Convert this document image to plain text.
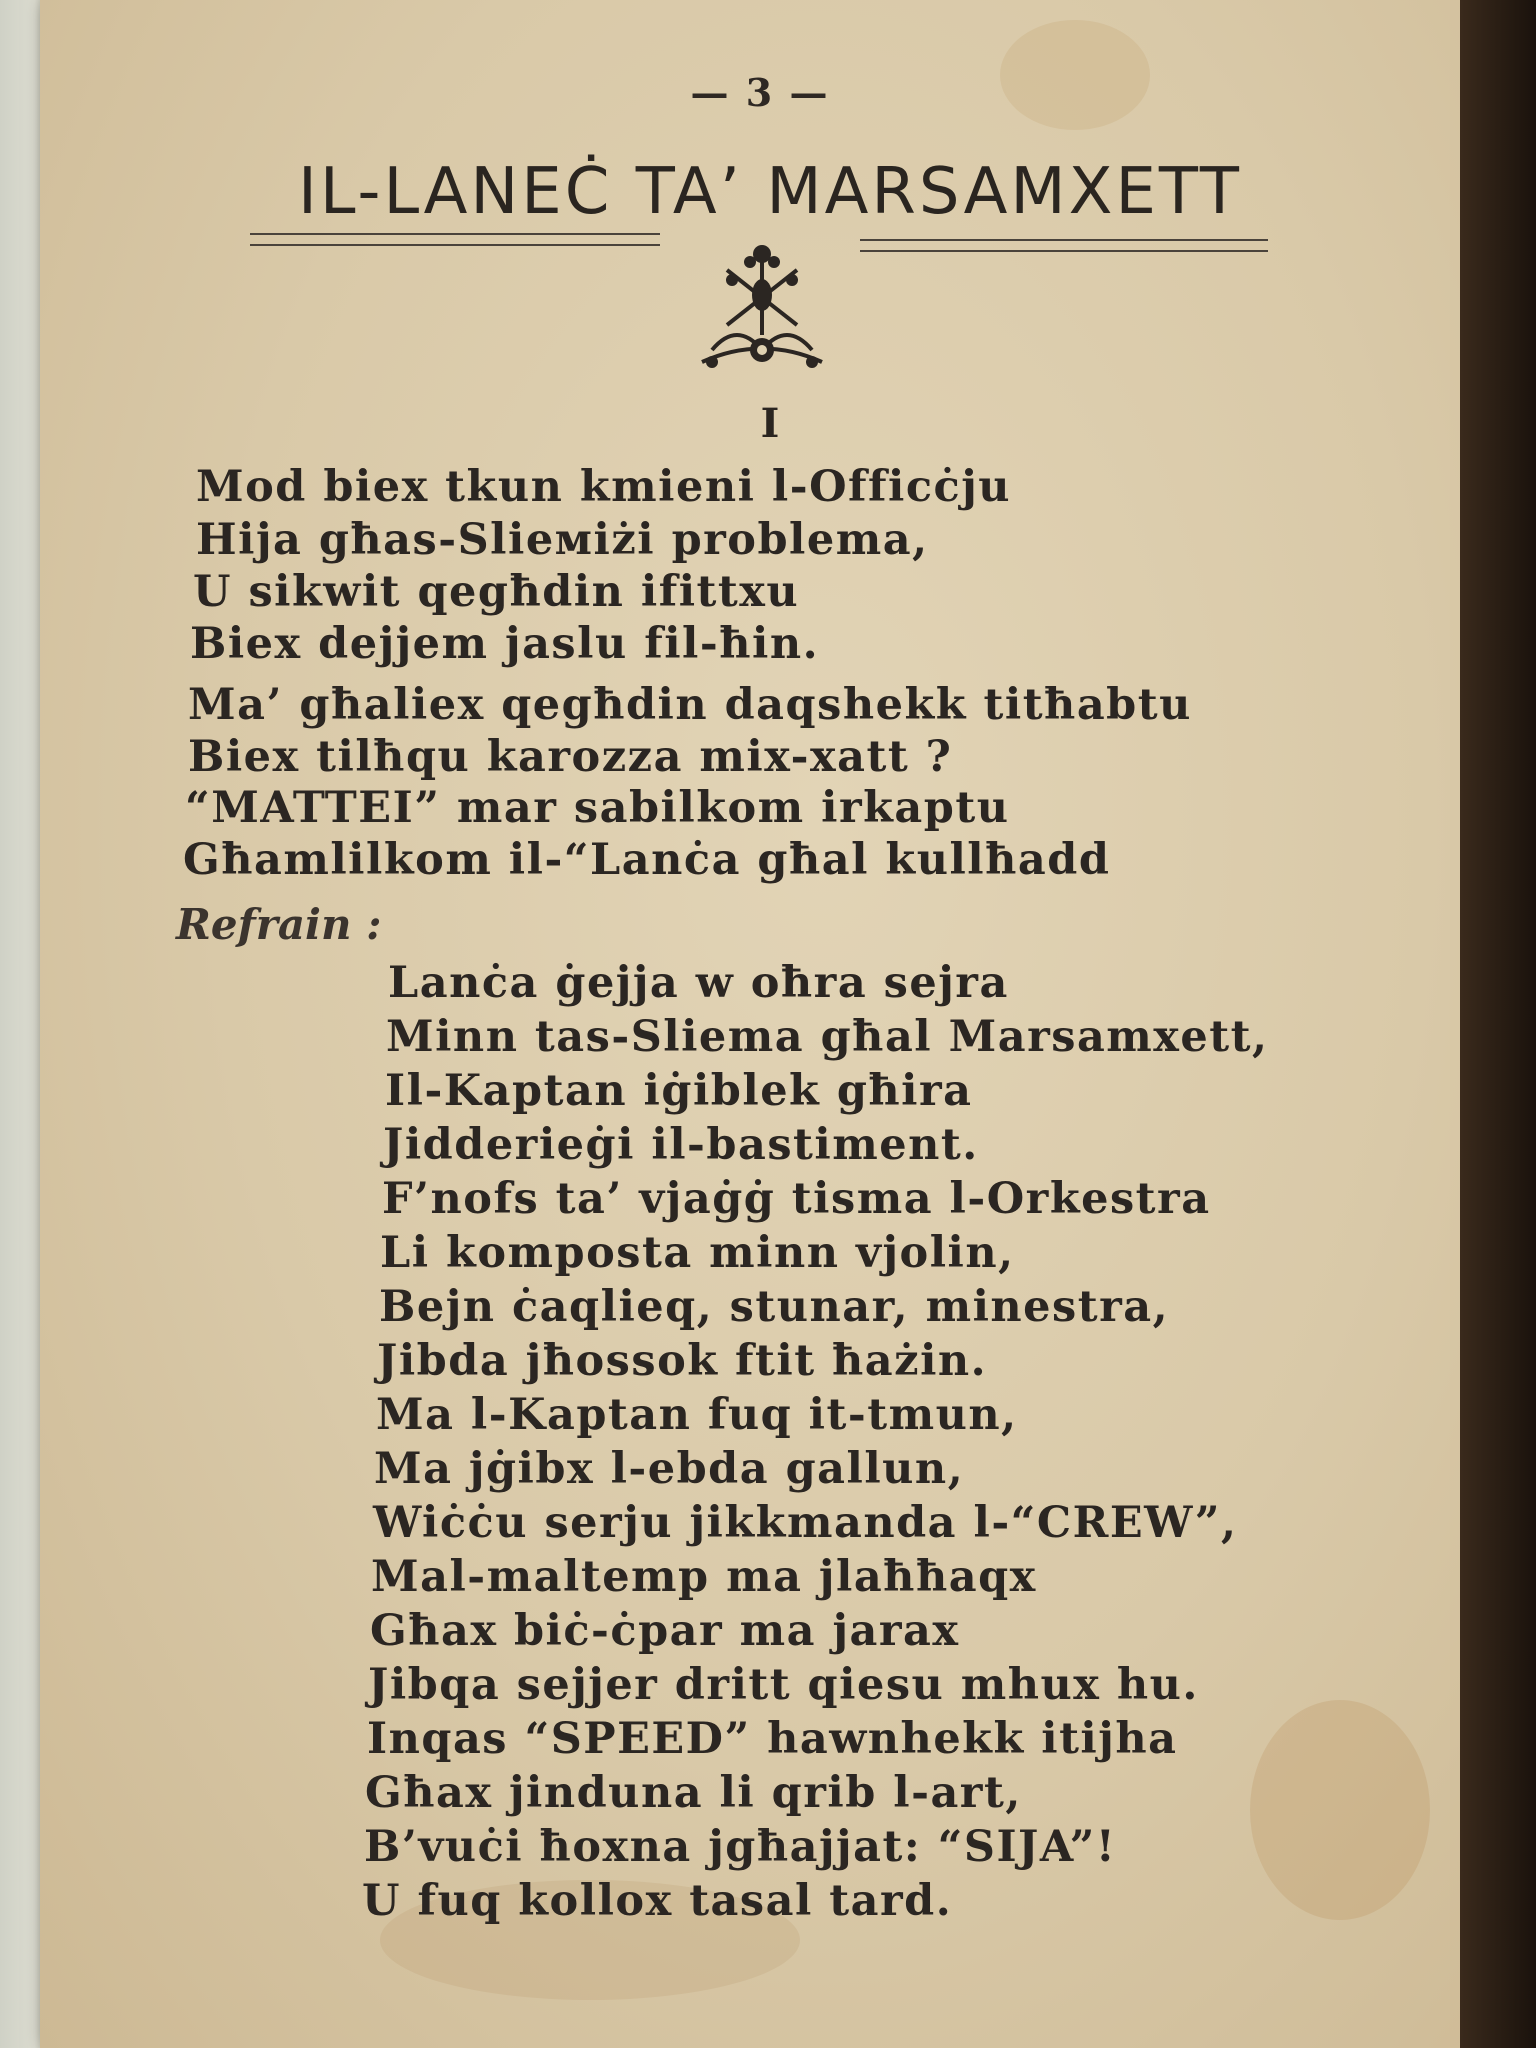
— 3 —
IL-LANEĊ TA’ MARSAMXETT
I
Mod biex tkun kmieni l-Officċju
Hija għas-Slieміżi problema,
U sikwit qegħdin ifittxu
Biex dejjem jaslu fil-ħin.
Ma’ għaliex qegħdin daqshekk titħabtu
Biex tilħqu karozza mix-xatt ?
“MATTEI” mar sabilkom irkaptu
Għamlilkom il-“Lanċa għal kullħadd
Refrain :
Lanċa ġejja w oħra sejra
Minn tas-Sliema għal Marsamxett,
Il-Kaptan iġiblek għira
Jidderieġi il-bastiment.
F’nofs ta’ vjaġġ tisma l-Orkestra
Li komposta minn vjolin,
Bejn ċaqlieq, stunar, minestra,
Jibda jħossok ftit ħażin.
Ma l-Kaptan fuq it-tmun,
Ma jġibx l-ebda gallun,
Wiċċu serju jikkmanda l-“CREW”,
Mal-maltemp ma jlaħħaqx
Għax biċ-ċpar ma jarax
Jibqa sejjer dritt qiesu mhux hu.
Inqas “SPEED” hawnhekk itijha
Għax jinduna li qrib l-art,
B’vuċi ħoxna jgħajjat: “SIJA”!
U fuq kollox tasal tard.
